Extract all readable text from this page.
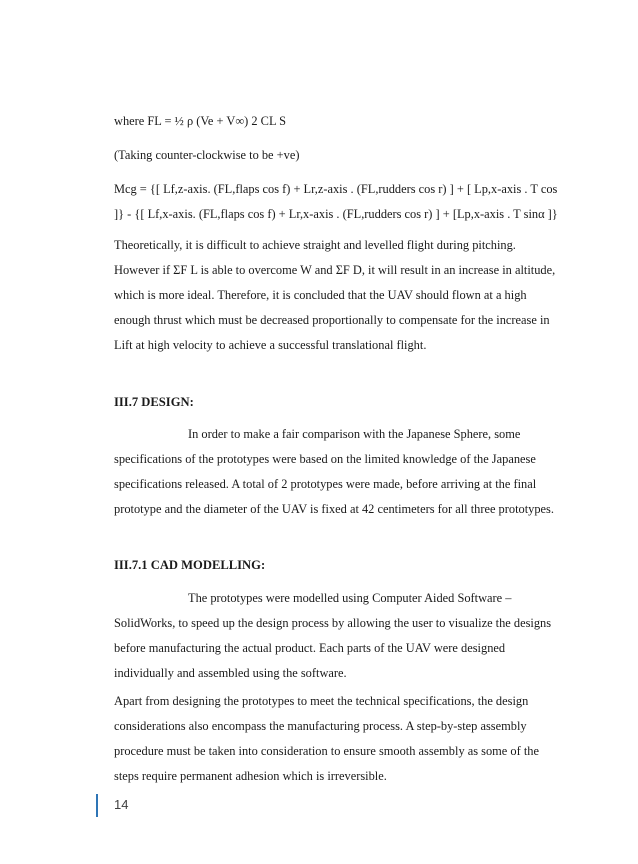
where FL = ½ ρ (Ve + V∞) 2 CL S

(Taking counter-clockwise to be +ve)

Mcg = {[ Lf,z-axis. (FL,flaps cos f) + Lr,z-axis . (FL,rudders cos r) ] + [ Lp,x-axis . T cos
]} - {[ Lf,x-axis. (FL,flaps cos f) + Lr,x-axis . (FL,rudders cos r) ] + [Lp,x-axis . T sinα ]}
Theoretically, it is difficult to achieve straight and levelled flight during pitching.
However if ΣF L is able to overcome W and ΣF D, it will result in an increase in altitude,
which is more ideal. Therefore, it is concluded that the UAV should flown at a high
enough thrust which must be decreased proportionally to compensate for the increase in
Lift at high velocity to achieve a successful translational flight.
III.7 DESIGN:
In order to make a fair comparison with the Japanese Sphere, some
specifications of the prototypes were based on the limited knowledge of the Japanese
specifications released. A total of 2 prototypes were made, before arriving at the final
prototype and the diameter of the UAV is fixed at 42 centimeters for all three prototypes.
III.7.1 CAD MODELLING:
The prototypes were modelled using Computer Aided Software –
SolidWorks, to speed up the design process by allowing the user to visualize the designs
before manufacturing the actual product. Each parts of the UAV were designed
individually and assembled using the software.
Apart from designing the prototypes to meet the technical specifications, the design
considerations also encompass the manufacturing process. A step-by-step assembly
procedure must be taken into consideration to ensure smooth assembly as some of the
steps require permanent adhesion which is irreversible.
14
